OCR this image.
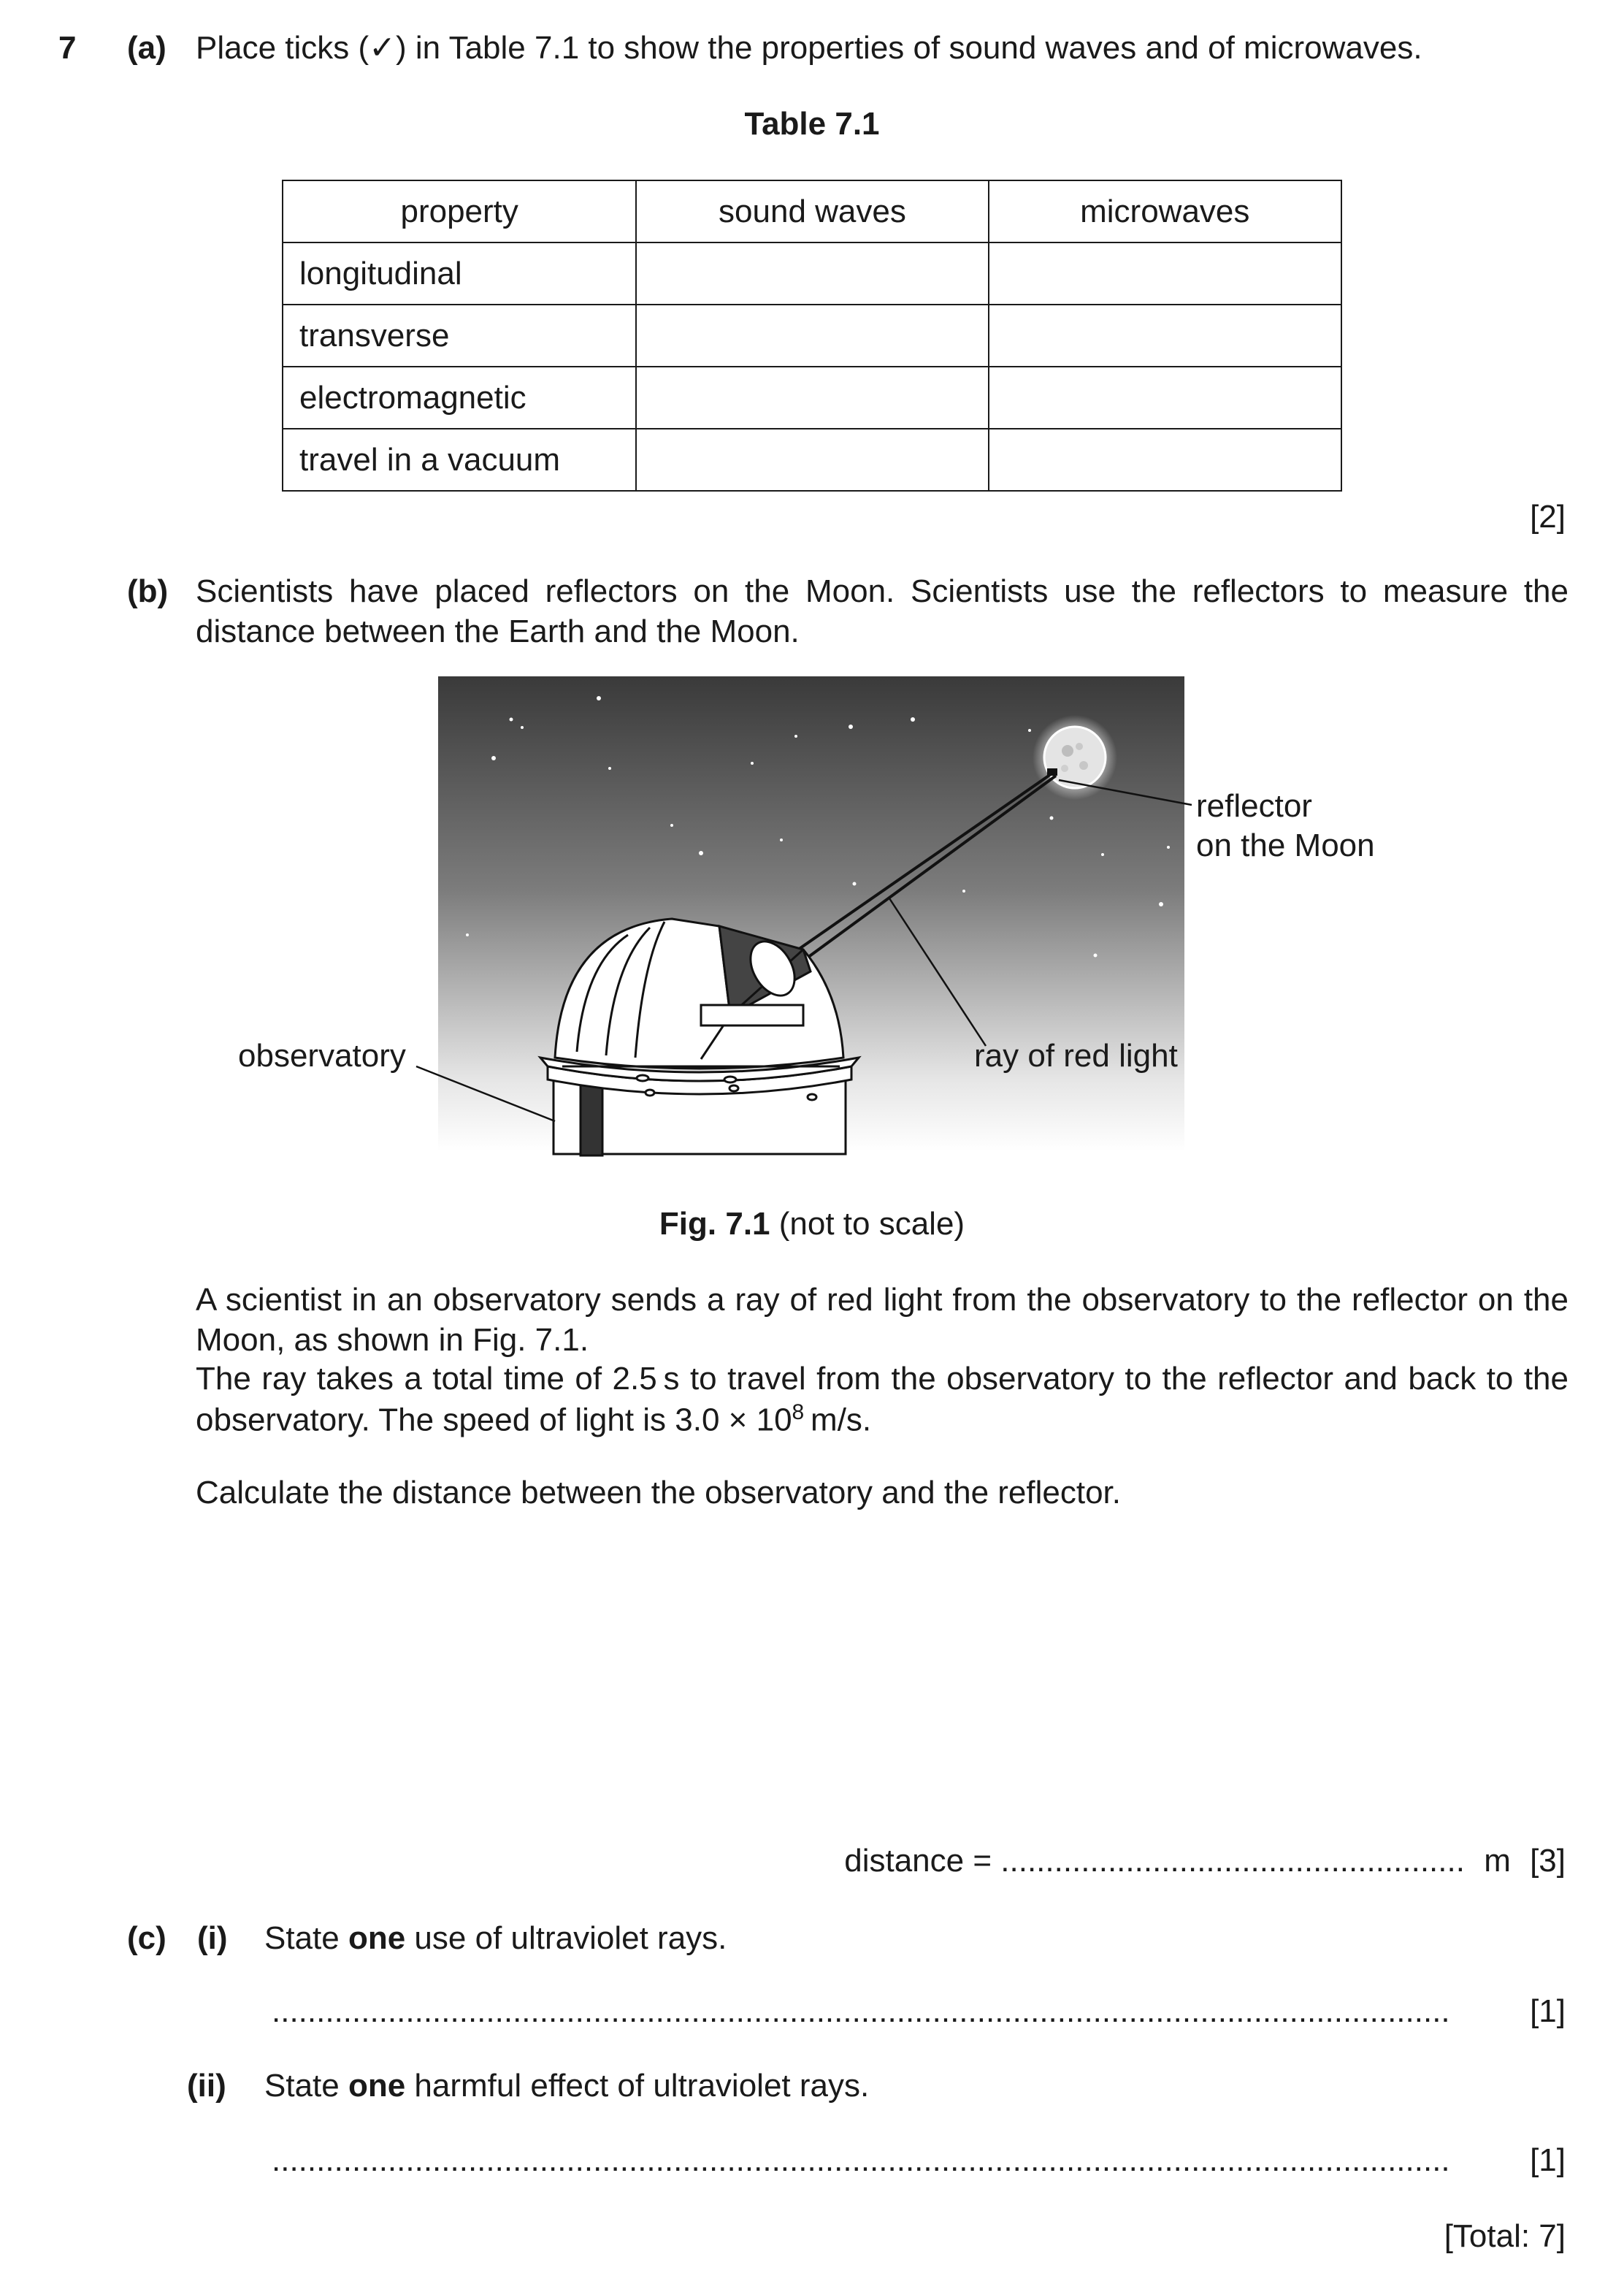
7 (a) Place ticks (✓) in Table 7.1 to show the properties of sound waves and of microwaves.
Table 7.1
property	sound waves	microwaves
longitudinal		
transverse		
electromagnetic		
travel in a vacuum		
[2]
(b) Scientists have placed reflectors on the Moon. Scientists use the reflectors to measure the distance between the Earth and the Moon.
reflector
on the Moon
ray of red light
observatory
Fig. 7.1 (not to scale)
A scientist in an observatory sends a ray of red light from the observatory to the reflector on the Moon, as shown in Fig. 7.1.
The ray takes a total time of 2.5 s to travel from the observatory to the reflector and back to the observatory. The speed of light is $3.0 \times 10^8$ m/s.
Calculate the distance between the observatory and the reflector.
distance = .................................................... m [3]
(c) (i) State one use of ultraviolet rays.
....................................................................................................................................	[1]
(ii) State one harmful effect of ultraviolet rays.
....................................................................................................................................	[1]
[Total: 7]
